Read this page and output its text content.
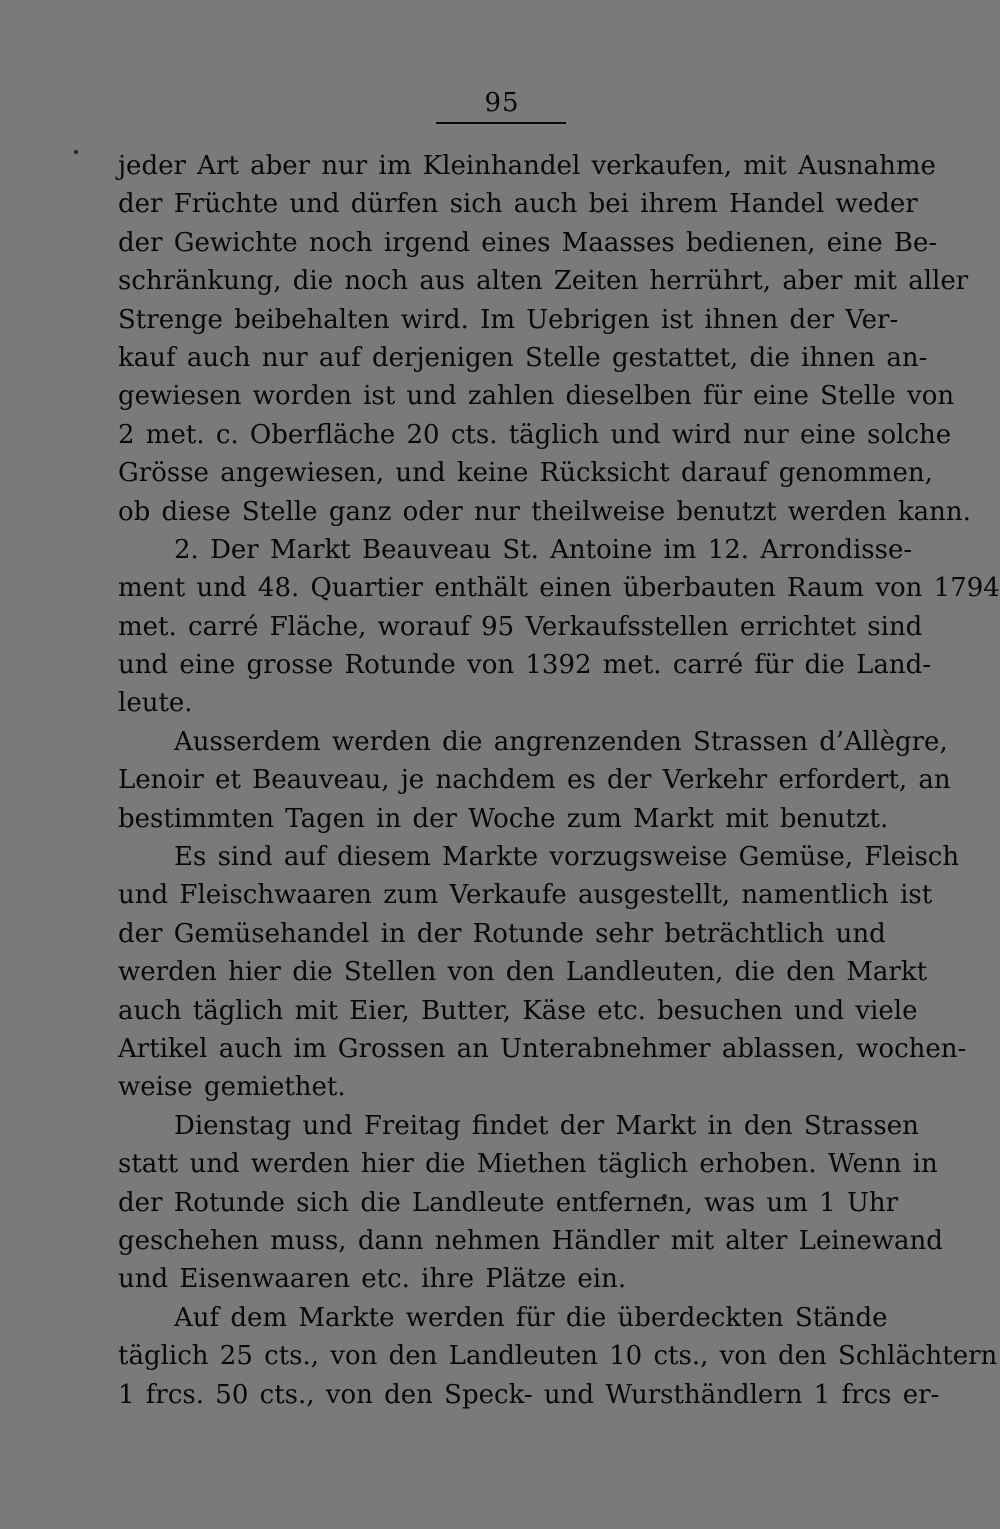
95
jeder Art aber nur im Kleinhandel verkaufen, mit Ausnahme
der Früchte und dürfen sich auch bei ihrem Handel weder
der Gewichte noch irgend eines Maasses bedienen, eine Be-
schränkung, die noch aus alten Zeiten herrührt, aber mit aller
Strenge beibehalten wird. Im Uebrigen ist ihnen der Ver-
kauf auch nur auf derjenigen Stelle gestattet, die ihnen an-
gewiesen worden ist und zahlen dieselben für eine Stelle von
2 met. c. Oberfläche 20 cts. täglich und wird nur eine solche
Grösse angewiesen, und keine Rücksicht darauf genommen,
ob diese Stelle ganz oder nur theilweise benutzt werden kann.
2. Der Markt Beauveau St. Antoine im 12. Arrondisse-
ment und 48. Quartier enthält einen überbauten Raum von 1794
met. carré Fläche, worauf 95 Verkaufsstellen errichtet sind
und eine grosse Rotunde von 1392 met. carré für die Land-
leute.
Ausserdem werden die angrenzenden Strassen d’Allègre,
Lenoir et Beauveau, je nachdem es der Verkehr erfordert, an
bestimmten Tagen in der Woche zum Markt mit benutzt.
Es sind auf diesem Markte vorzugsweise Gemüse, Fleisch
und Fleischwaaren zum Verkaufe ausgestellt, namentlich ist
der Gemüsehandel in der Rotunde sehr beträchtlich und
werden hier die Stellen von den Landleuten, die den Markt
auch täglich mit Eier, Butter, Käse etc. besuchen und viele
Artikel auch im Grossen an Unterabnehmer ablassen, wochen-
weise gemiethet.
Dienstag und Freitag findet der Markt in den Strassen
statt und werden hier die Miethen täglich erhoben. Wenn in
der Rotunde sich die Landleute entfernen, was um 1 Uhr
geschehen muss, dann nehmen Händler mit alter Leinewand
und Eisenwaaren etc. ihre Plätze ein.
Auf dem Markte werden für die überdeckten Stände
täglich 25 cts., von den Landleuten 10 cts., von den Schlächtern
1 frcs. 50 cts., von den Speck- und Wursthändlern 1 frcs er-
